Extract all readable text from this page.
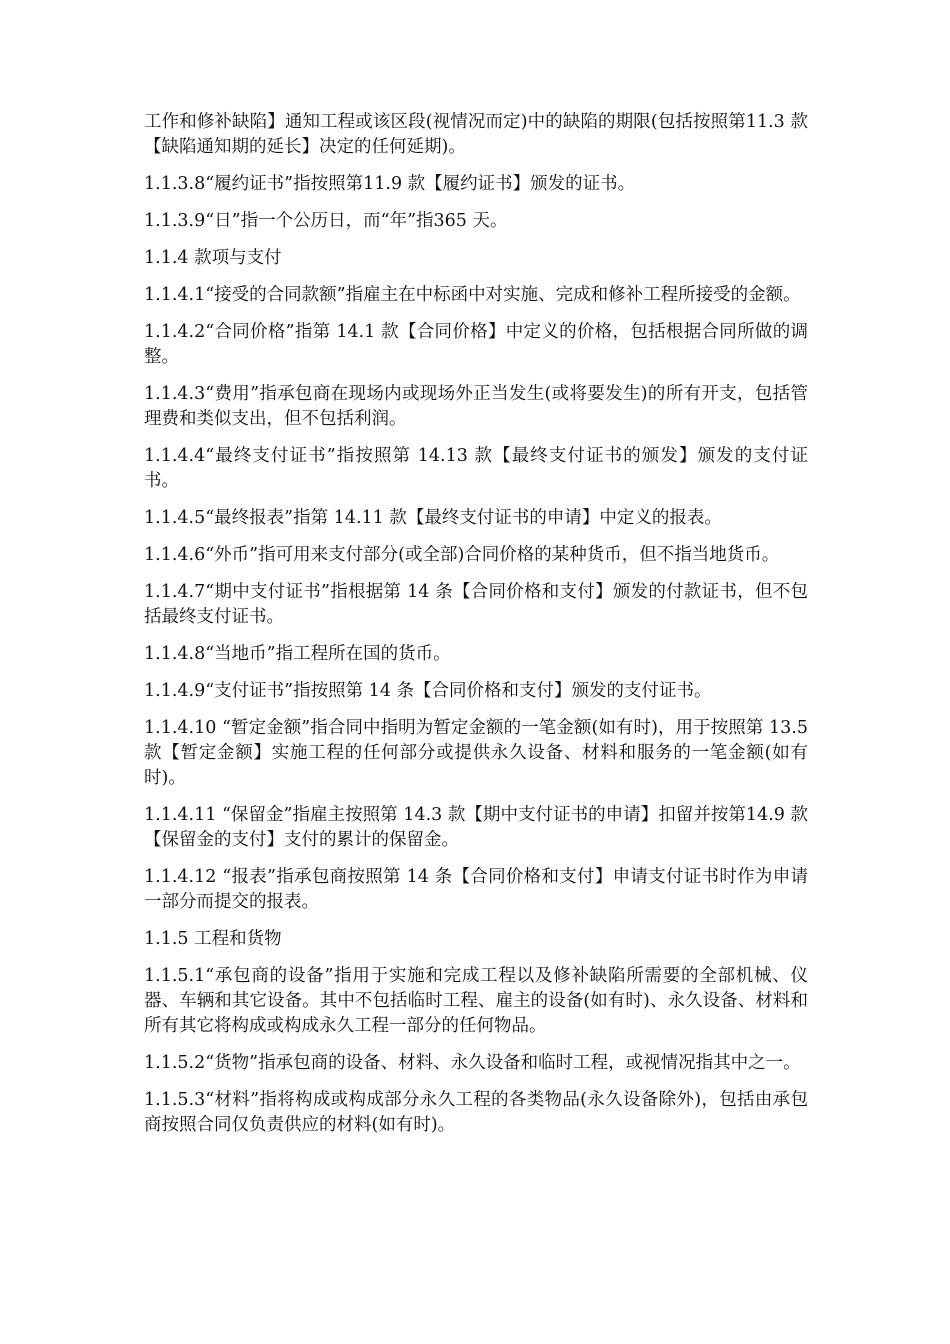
工作和修补缺陷】通知工程或该区段(视情况而定)中的缺陷的期限(包括按照第11.3 款【缺陷通知期的延长】决定的任何延期)。

1.1.3.8“履约证书”指按照第11.9 款【履约证书】颁发的证书。

1.1.3.9“日”指一个公历日，而“年”指365 天。

1.1.4 款项与支付

1.1.4.1“接受的合同款额”指雇主在中标函中对实施、完成和修补工程所接受的金额。

1.1.4.2“合同价格”指第 14.1 款【合同价格】中定义的价格，包括根据合同所做的调整。

1.1.4.3“费用”指承包商在现场内或现场外正当发生(或将要发生)的所有开支，包括管理费和类似支出，但不包括利润。

1.1.4.4“最终支付证书”指按照第 14.13 款【最终支付证书的颁发】颁发的支付证书。

1.1.4.5“最终报表”指第 14.11 款【最终支付证书的申请】中定义的报表。

1.1.4.6“外币”指可用来支付部分(或全部)合同价格的某种货币，但不指当地货币。

1.1.4.7“期中支付证书”指根据第 14 条【合同价格和支付】颁发的付款证书，但不包括最终支付证书。

1.1.4.8“当地币”指工程所在国的货币。

1.1.4.9“支付证书”指按照第 14 条【合同价格和支付】颁发的支付证书。

1.1.4.10 “暂定金额”指合同中指明为暂定金额的一笔金额(如有时)，用于按照第 13.5 款【暂定金额】实施工程的任何部分或提供永久设备、材料和服务的一笔金额(如有时)。

1.1.4.11 “保留金”指雇主按照第 14.3 款【期中支付证书的申请】扣留并按第14.9 款【保留金的支付】支付的累计的保留金。

1.1.4.12 “报表”指承包商按照第 14 条【合同价格和支付】申请支付证书时作为申请一部分而提交的报表。

1.1.5 工程和货物

1.1.5.1“承包商的设备”指用于实施和完成工程以及修补缺陷所需要的全部机械、仪器、车辆和其它设备。其中不包括临时工程、雇主的设备(如有时)、永久设备、材料和所有其它将构成或构成永久工程一部分的任何物品。

1.1.5.2“货物”指承包商的设备、材料、永久设备和临时工程，或视情况指其中之一。

1.1.5.3“材料”指将构成或构成部分永久工程的各类物品(永久设备除外)，包括由承包商按照合同仅负责供应的材料(如有时)。
